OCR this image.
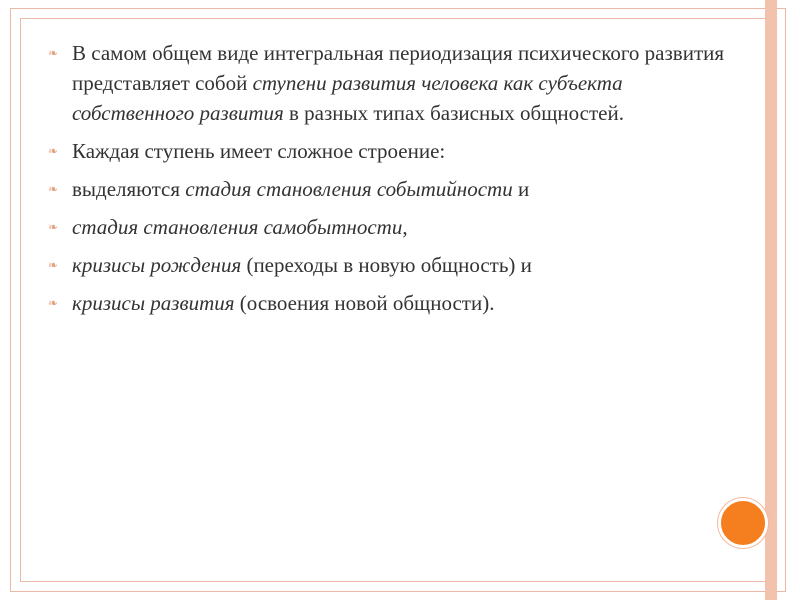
❧ В самом общем виде интегральная периодизация психического развития представляет собой ступени развития человека как субъекта собственного развития в разных типах базисных общностей.
❧ Каждая ступень имеет сложное строение:
❧ выделяются стадия становления событийности и
❧ стадия становления самобытности,
❧ кризисы рождения (переходы в новую общность) и
❧ кризисы развития (освоения новой общности).
